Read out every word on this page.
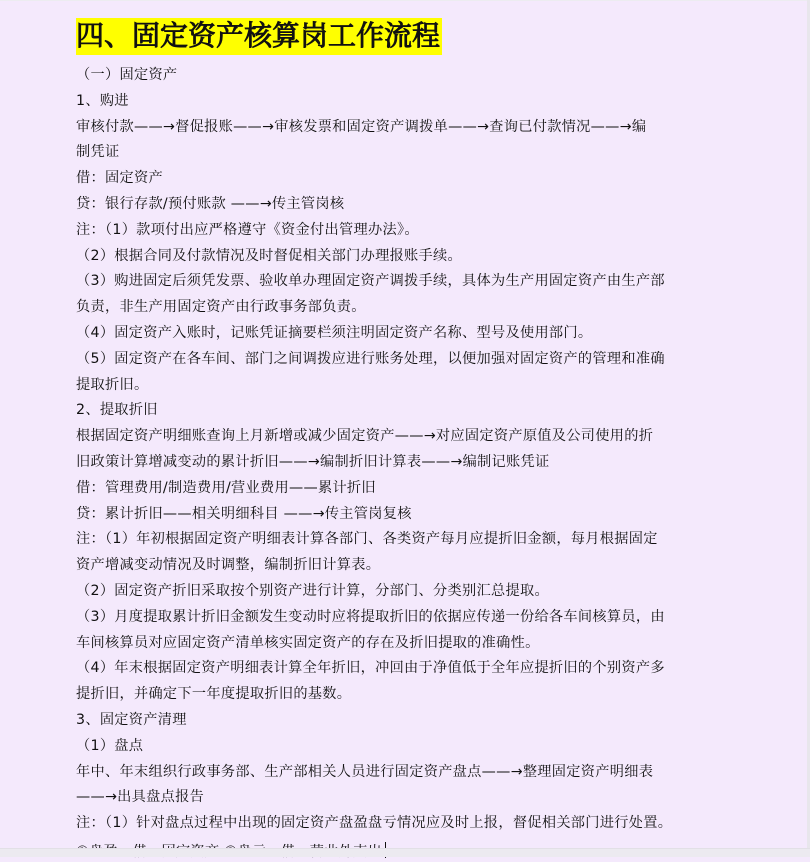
四、固定资产核算岗工作流程
（一）固定资产
1、购进
审核付款——→督促报账——→审核发票和固定资产调拨单——→查询已付款情况——→编
制凭证
借：固定资产
贷：银行存款/预付账款 ——→传主管岗核
注：（1）款项付出应严格遵守《资金付出管理办法》。
（2）根据合同及付款情况及时督促相关部门办理报账手续。
（3）购进固定后须凭发票、验收单办理固定资产调拨手续，具体为生产用固定资产由生产部
负责，非生产用固定资产由行政事务部负责。
（4）固定资产入账时，记账凭证摘要栏须注明固定资产名称、型号及使用部门。
（5）固定资产在各车间、部门之间调拨应进行账务处理，以便加强对固定资产的管理和准确
提取折旧。
2、提取折旧
根据固定资产明细账查询上月新增或减少固定资产——→对应固定资产原值及公司使用的折
旧政策计算增减变动的累计折旧——→编制折旧计算表——→编制记账凭证
借：管理费用/制造费用/营业费用——累计折旧
贷：累计折旧——相关明细科目 ——→传主管岗复核
注：（1）年初根据固定资产明细表计算各部门、各类资产每月应提折旧金额，每月根据固定
资产增减变动情况及时调整，编制折旧计算表。
（2）固定资产折旧采取按个别资产进行计算，分部门、分类别汇总提取。
（3）月度提取累计折旧金额发生变动时应将提取折旧的依据应传递一份给各车间核算员，由
车间核算员对应固定资产清单核实固定资产的存在及折旧提取的准确性。
（4）年末根据固定资产明细表计算全年折旧，冲回由于净值低于全年应提折旧的个别资产多
提折旧，并确定下一年度提取折旧的基数。
3、固定资产清理
（1）盘点
年中、年末组织行政事务部、生产部相关人员进行固定资产盘点——→整理固定资产明细表
——→出具盘点报告
注：（1）针对盘点过程中出现的固定资产盘盈盘亏情况应及时上报，督促相关部门进行处置。
